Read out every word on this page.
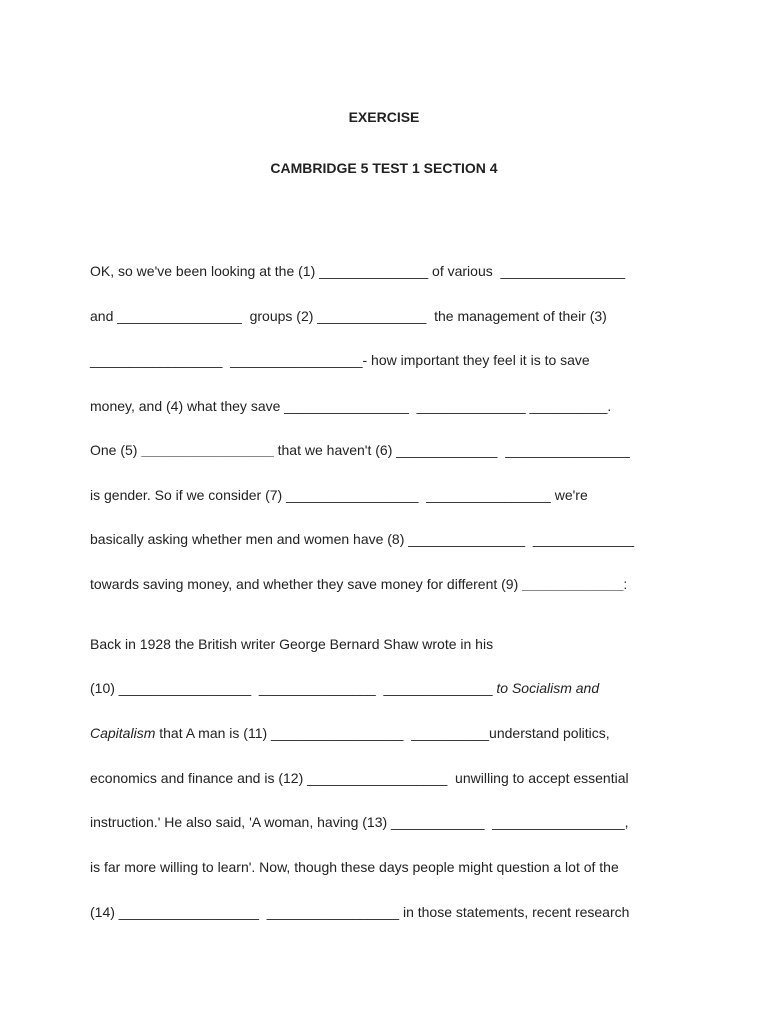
EXERCISE
CAMBRIDGE 5 TEST 1 SECTION 4
OK, so we've been looking at the (1) ______________ of various  ________________
and ________________  groups (2) ______________  the management of their (3)
_________________  _________________- how important they feel it is to save
money, and (4) what they save ________________  ______________ __________.
One (5) _________________ that we haven't (6) _____________  ________________
is gender. So if we consider (7) _________________  ________________ we're
basically asking whether men and women have (8) _______________  _____________
towards saving money, and whether they save money for different (9) _____________:
Back in 1928 the British writer George Bernard Shaw wrote in his
(10) _________________  _______________  ______________ to Socialism and
Capitalism that A man is (11) _________________  __________understand politics,
economics and finance and is (12) __________________  unwilling to accept essential
instruction.' He also said, 'A woman, having (13) ____________  _________________,
is far more willing to learn'. Now, though these days people might question a lot of the
(14) __________________  _________________ in those statements, recent research
